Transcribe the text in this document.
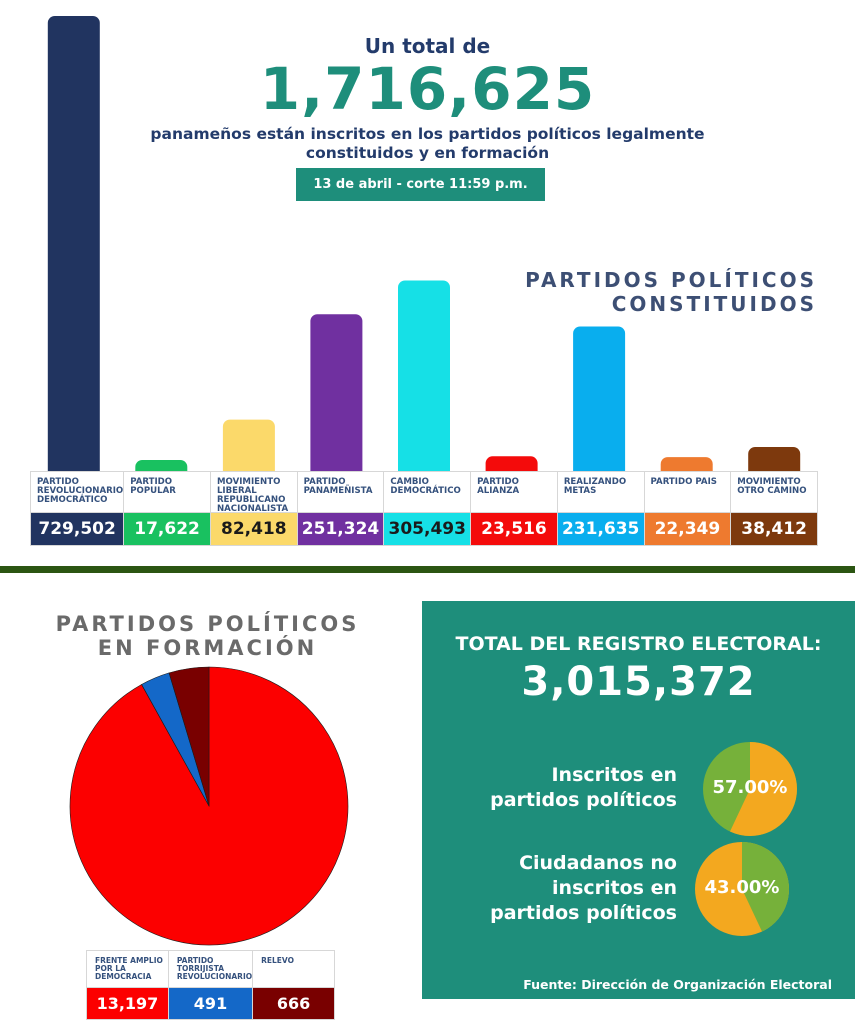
Un total de
1,716,625
panameños están inscritos en los partidos políticos legalmente constituidos y en formación
13 de abril - corte 11:59 p.m.
PARTIDOS POLÍTICOS
CONSTITUIDOS
PARTIDO REVOLUCIONARIO DEMOCRÁTICO
729,502
PARTIDO POPULAR
17,622
MOVIMIENTO LIBERAL REPUBLICANO NACIONALISTA
82,418
PARTIDO PANAMEÑISTA
251,324
CAMBIO DEMOCRÁTICO
305,493
PARTIDO ALIANZA
23,516
REALIZANDO METAS
231,635
PARTIDO PAIS
22,349
MOVIMIENTO OTRO CAMINO
38,412
PARTIDOS POLÍTICOS
EN FORMACIÓN
FRENTE AMPLIO POR LA DEMOCRACIA
13,197
PARTIDO TORRIJISTA REVOLUCIONARIO
491
RELEVO
666
TOTAL DEL REGISTRO ELECTORAL:
3,015,372
Inscritos en
partidos políticos
57.00%
Ciudadanos no
inscritos en
partidos políticos
43.00%
Fuente: Dirección de Organización Electoral
